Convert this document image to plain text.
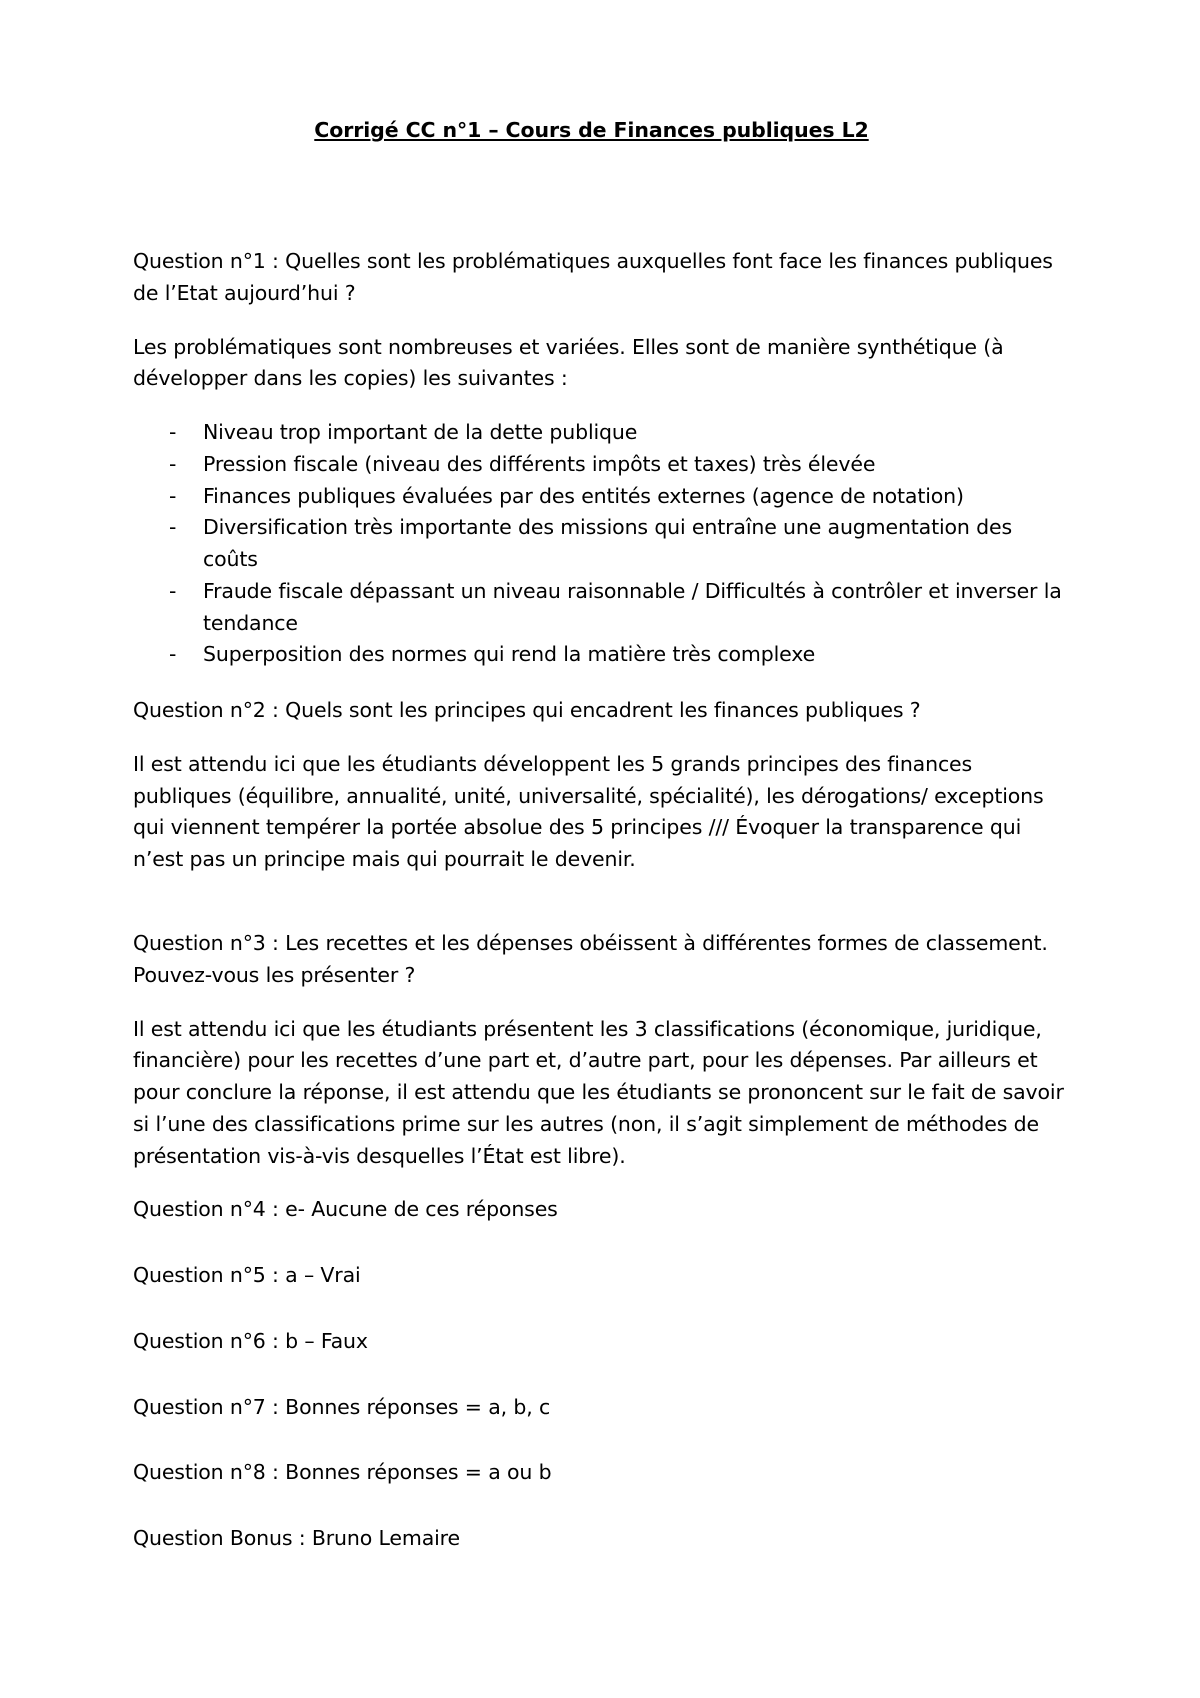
Corrigé CC n°1 – Cours de Finances publiques L2

Question n°1 : Quelles sont les problématiques auxquelles font face les finances publiques de l’Etat aujourd’hui ?

Les problématiques sont nombreuses et variées. Elles sont de manière synthétique (à développer dans les copies) les suivantes :

- Niveau trop important de la dette publique
- Pression fiscale (niveau des différents impôts et taxes) très élevée
- Finances publiques évaluées par des entités externes (agence de notation)
- Diversification très importante des missions qui entraîne une augmentation des coûts
- Fraude fiscale dépassant un niveau raisonnable / Difficultés à contrôler et inverser la tendance
- Superposition des normes qui rend la matière très complexe

Question n°2 : Quels sont les principes qui encadrent les finances publiques ?

Il est attendu ici que les étudiants développent les 5 grands principes des finances publiques (équilibre, annualité, unité, universalité, spécialité), les dérogations/ exceptions qui viennent tempérer la portée absolue des 5 principes /// Évoquer la transparence qui n’est pas un principe mais qui pourrait le devenir.

Question n°3 : Les recettes et les dépenses obéissent à différentes formes de classement. Pouvez-vous les présenter ?

Il est attendu ici que les étudiants présentent les 3 classifications (économique, juridique, financière) pour les recettes d’une part et, d’autre part, pour les dépenses. Par ailleurs et pour conclure la réponse, il est attendu que les étudiants se prononcent sur le fait de savoir si l’une des classifications prime sur les autres (non, il s’agit simplement de méthodes de présentation vis-à-vis desquelles l’État est libre).

Question n°4 : e- Aucune de ces réponses

Question n°5 : a – Vrai

Question n°6 : b – Faux

Question n°7 : Bonnes réponses = a, b, c

Question n°8 : Bonnes réponses = a ou b

Question Bonus : Bruno Lemaire
